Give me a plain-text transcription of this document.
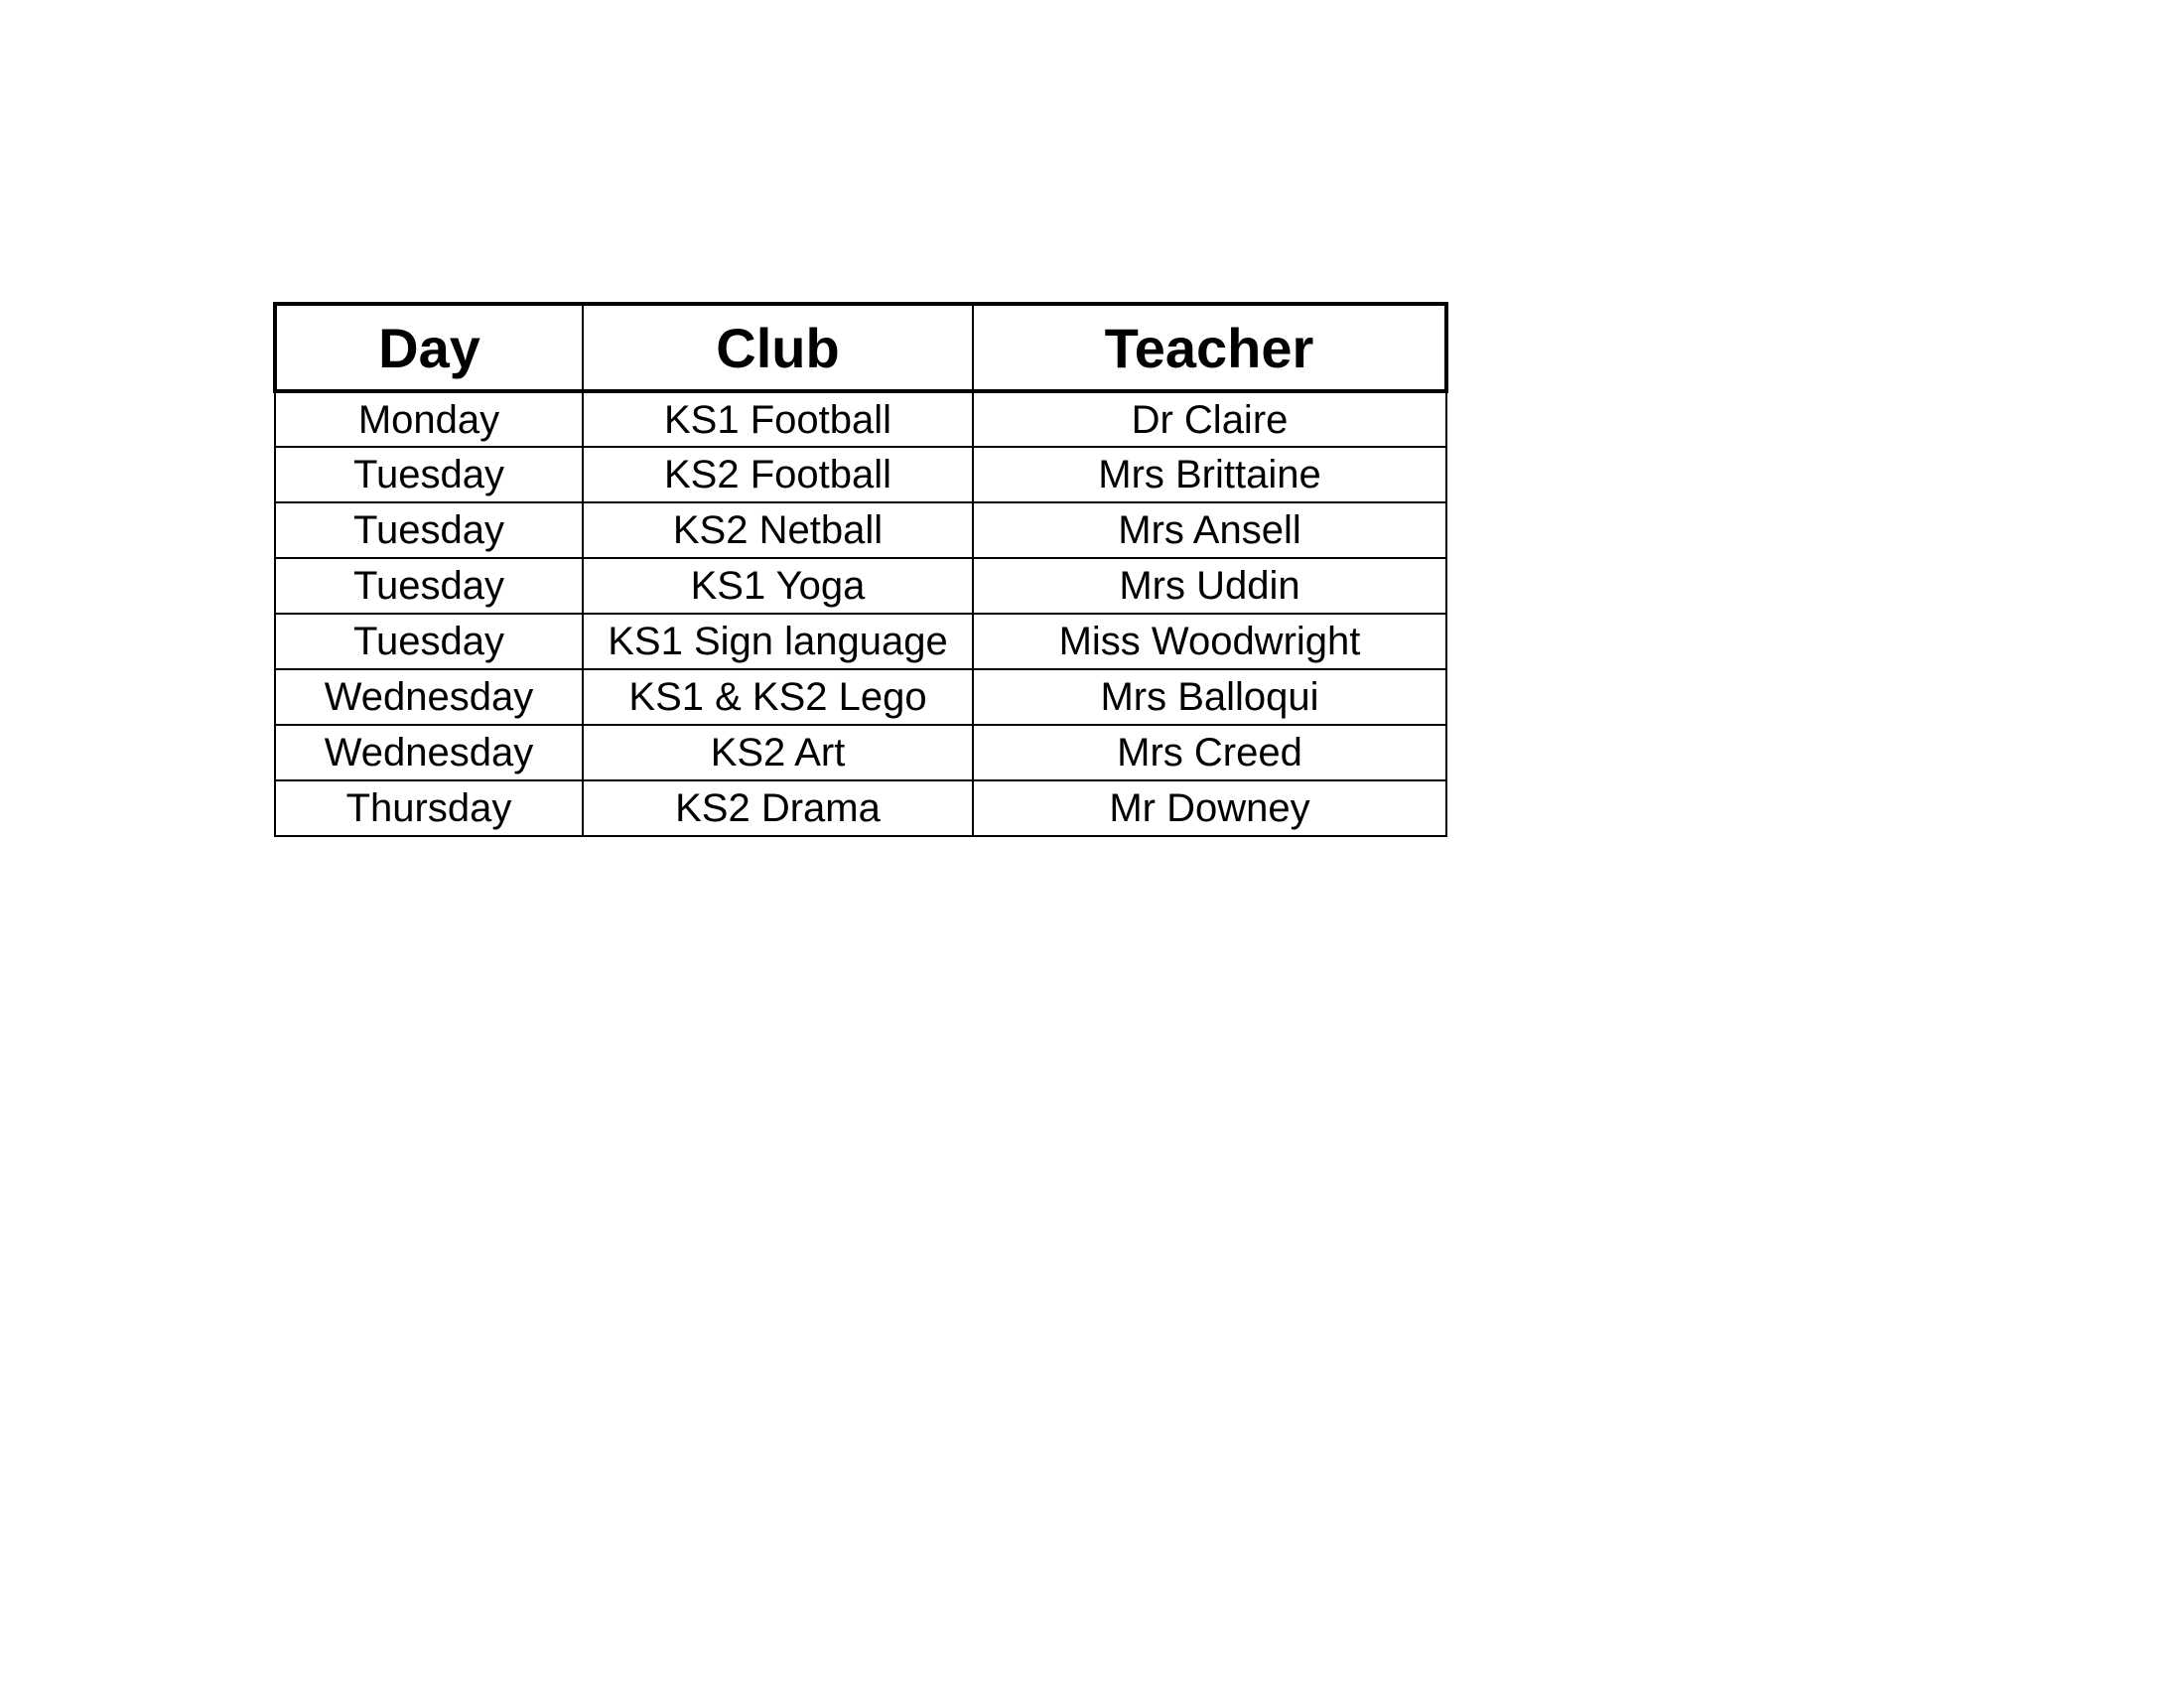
Day	Club	Teacher
Monday	KS1 Football	Dr Claire
Tuesday	KS2 Football	Mrs Brittaine
Tuesday	KS2 Netball	Mrs Ansell
Tuesday	KS1 Yoga	Mrs Uddin
Tuesday	KS1 Sign language	Miss Woodwright
Wednesday	KS1 & KS2 Lego	Mrs Balloqui
Wednesday	KS2 Art	Mrs Creed
Thursday	KS2 Drama	Mr Downey
